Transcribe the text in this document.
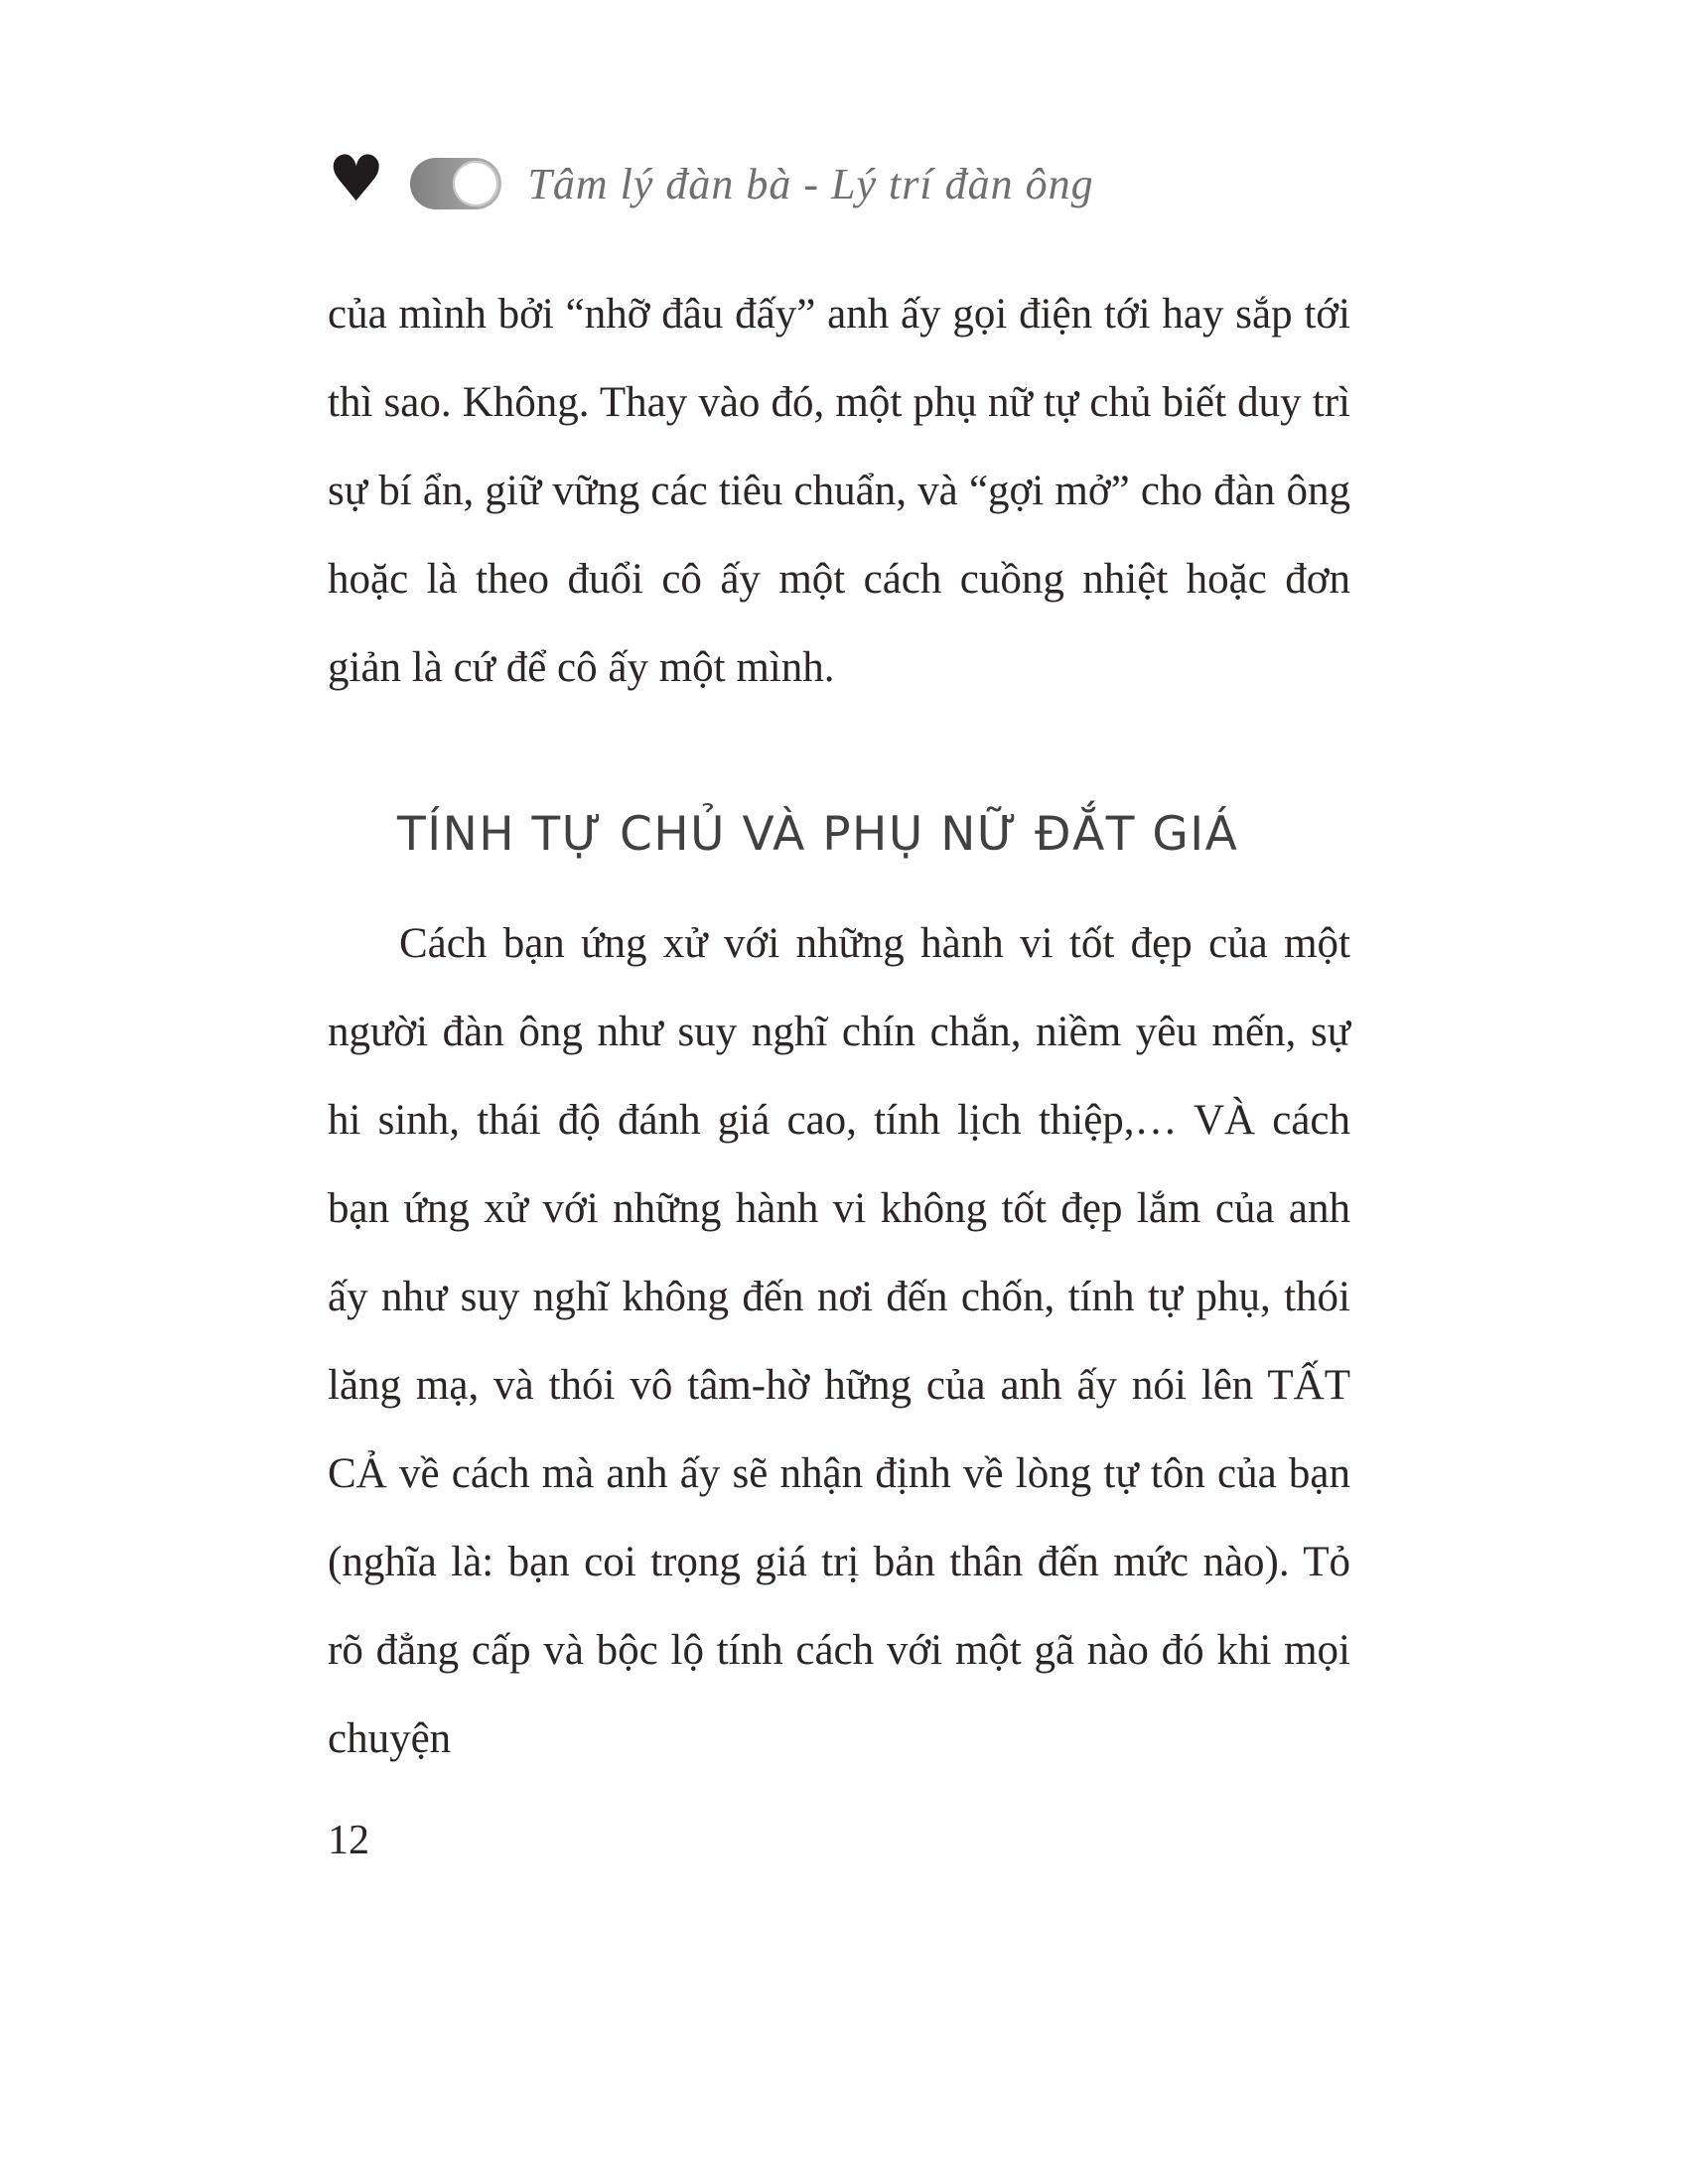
♥	Tâm lý đàn bà - Lý trí đàn ông

của mình bởi “nhỡ đâu đấy” anh ấy gọi điện tới hay sắp tới thì sao. Không. Thay vào đó, một phụ nữ tự chủ biết duy trì sự bí ẩn, giữ vững các tiêu chuẩn, và “gợi mở” cho đàn ông hoặc là theo đuổi cô ấy một cách cuồng nhiệt hoặc đơn giản là cứ để cô ấy một mình.

TÍNH TỰ CHỦ VÀ PHỤ NỮ ĐẮT GIÁ

Cách bạn ứng xử với những hành vi tốt đẹp của một người đàn ông như suy nghĩ chín chắn, niềm yêu mến, sự hi sinh, thái độ đánh giá cao, tính lịch thiệp,… VÀ cách bạn ứng xử với những hành vi không tốt đẹp lắm của anh ấy như suy nghĩ không đến nơi đến chốn, tính tự phụ, thói lăng mạ, và thói vô tâm-hờ hững của anh ấy nói lên TẤT CẢ về cách mà anh ấy sẽ nhận định về lòng tự tôn của bạn (nghĩa là: bạn coi trọng giá trị bản thân đến mức nào). Tỏ rõ đẳng cấp và bộc lộ tính cách với một gã nào đó khi mọi chuyện

12
